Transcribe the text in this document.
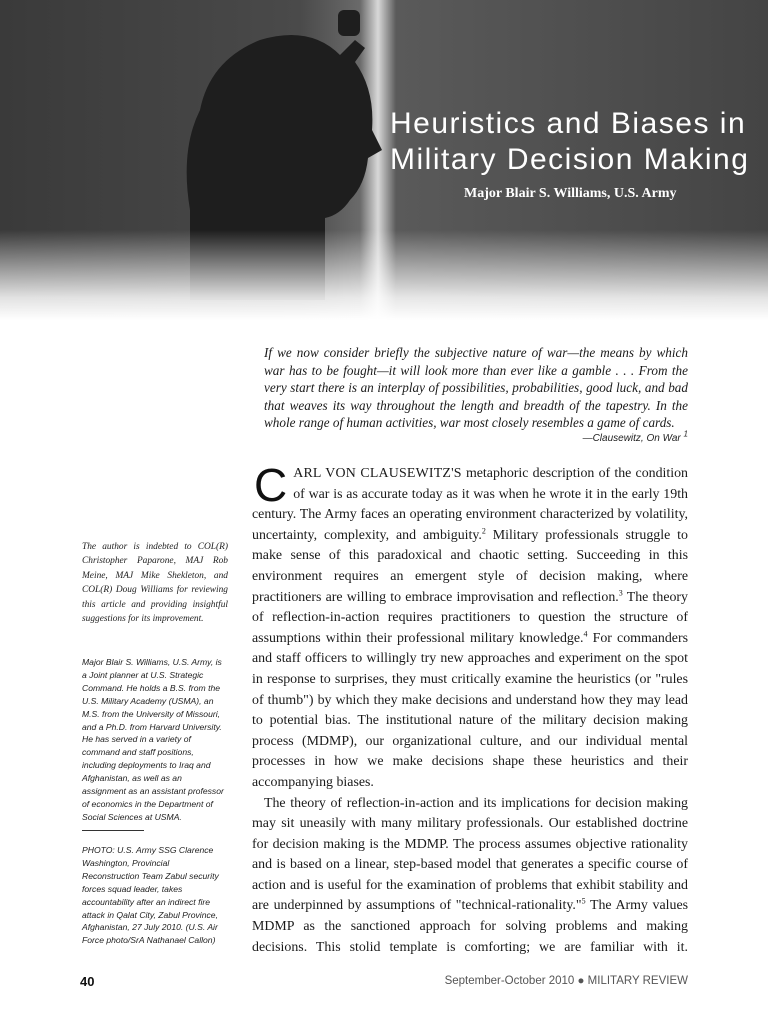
Heuristics and Biases in
Military Decision Making
Major Blair S. Williams, U.S. Army
If we now consider briefly the subjective nature of war—the means by which war has to be fought—it will look more than ever like a gamble . . . From the very start there is an interplay of possibilities, probabilities, good luck, and bad that weaves its way throughout the length and breadth of the tapestry. In the whole range of human activities, war most closely resembles a game of cards.
—Clausewitz, On War $^1$

CARL VON CLAUSEWITZ'S metaphoric description of the condition of war is as accurate today as it was when he wrote it in the early 19th century. The Army faces an operating environment characterized by volatility, uncertainty, complexity, and ambiguity.$^2$ Military professionals struggle to make sense of this paradoxical and chaotic setting. Succeeding in this environment requires an emergent style of decision making, where practitioners are willing to embrace improvisation and reflection.$^3$ The theory of reflection-in-action requires practitioners to question the structure of assumptions within their professional military knowledge.$^4$ For commanders and staff officers to willingly try new approaches and experiment on the spot in response to surprises, they must critically examine the heuristics (or "rules of thumb") by which they make decisions and understand how they may lead to potential bias. The institutional nature of the military decision making process (MDMP), our organizational culture, and our individual mental processes in how we make decisions shape these heuristics and their accompanying biases.

The theory of reflection-in-action and its implications for decision making may sit uneasily with many military professionals. Our established doctrine for decision making is the MDMP. The process assumes objective rationality and is based on a linear, step-based model that generates a specific course of action and is useful for the examination of problems that exhibit stability and are underpinned by assumptions of "technical-rationality."$^5$ The Army values MDMP as the sanctioned approach for solving problems and making decisions. This stolid template is comforting; we are familiar with it.

The author is indebted to COL(R) Christopher Paparone, MAJ Rob Meine, MAJ Mike Shekleton, and COL(R) Doug Williams for reviewing this article and providing insightful suggestions for its improvement.
Major Blair S. Williams, U.S. Army, is a Joint planner at U.S. Strategic Command. He holds a B.S. from the U.S. Military Academy (USMA), an M.S. from the University of Missouri, and a Ph.D. from Harvard University. He has served in a variety of command and staff positions, including deployments to Iraq and Afghanistan, as well as an assignment as an assistant professor of economics in the Department of Social Sciences at USMA.
PHOTO: U.S. Army SSG Clarence Washington, Provincial Reconstruction Team Zabul security forces squad leader, takes accountability after an indirect fire attack in Qalat City, Zabul Province, Afghanistan, 27 July 2010. (U.S. Air Force photo/SrA Nathanael Callon)
40	September-October 2010 ● MILITARY REVIEW
